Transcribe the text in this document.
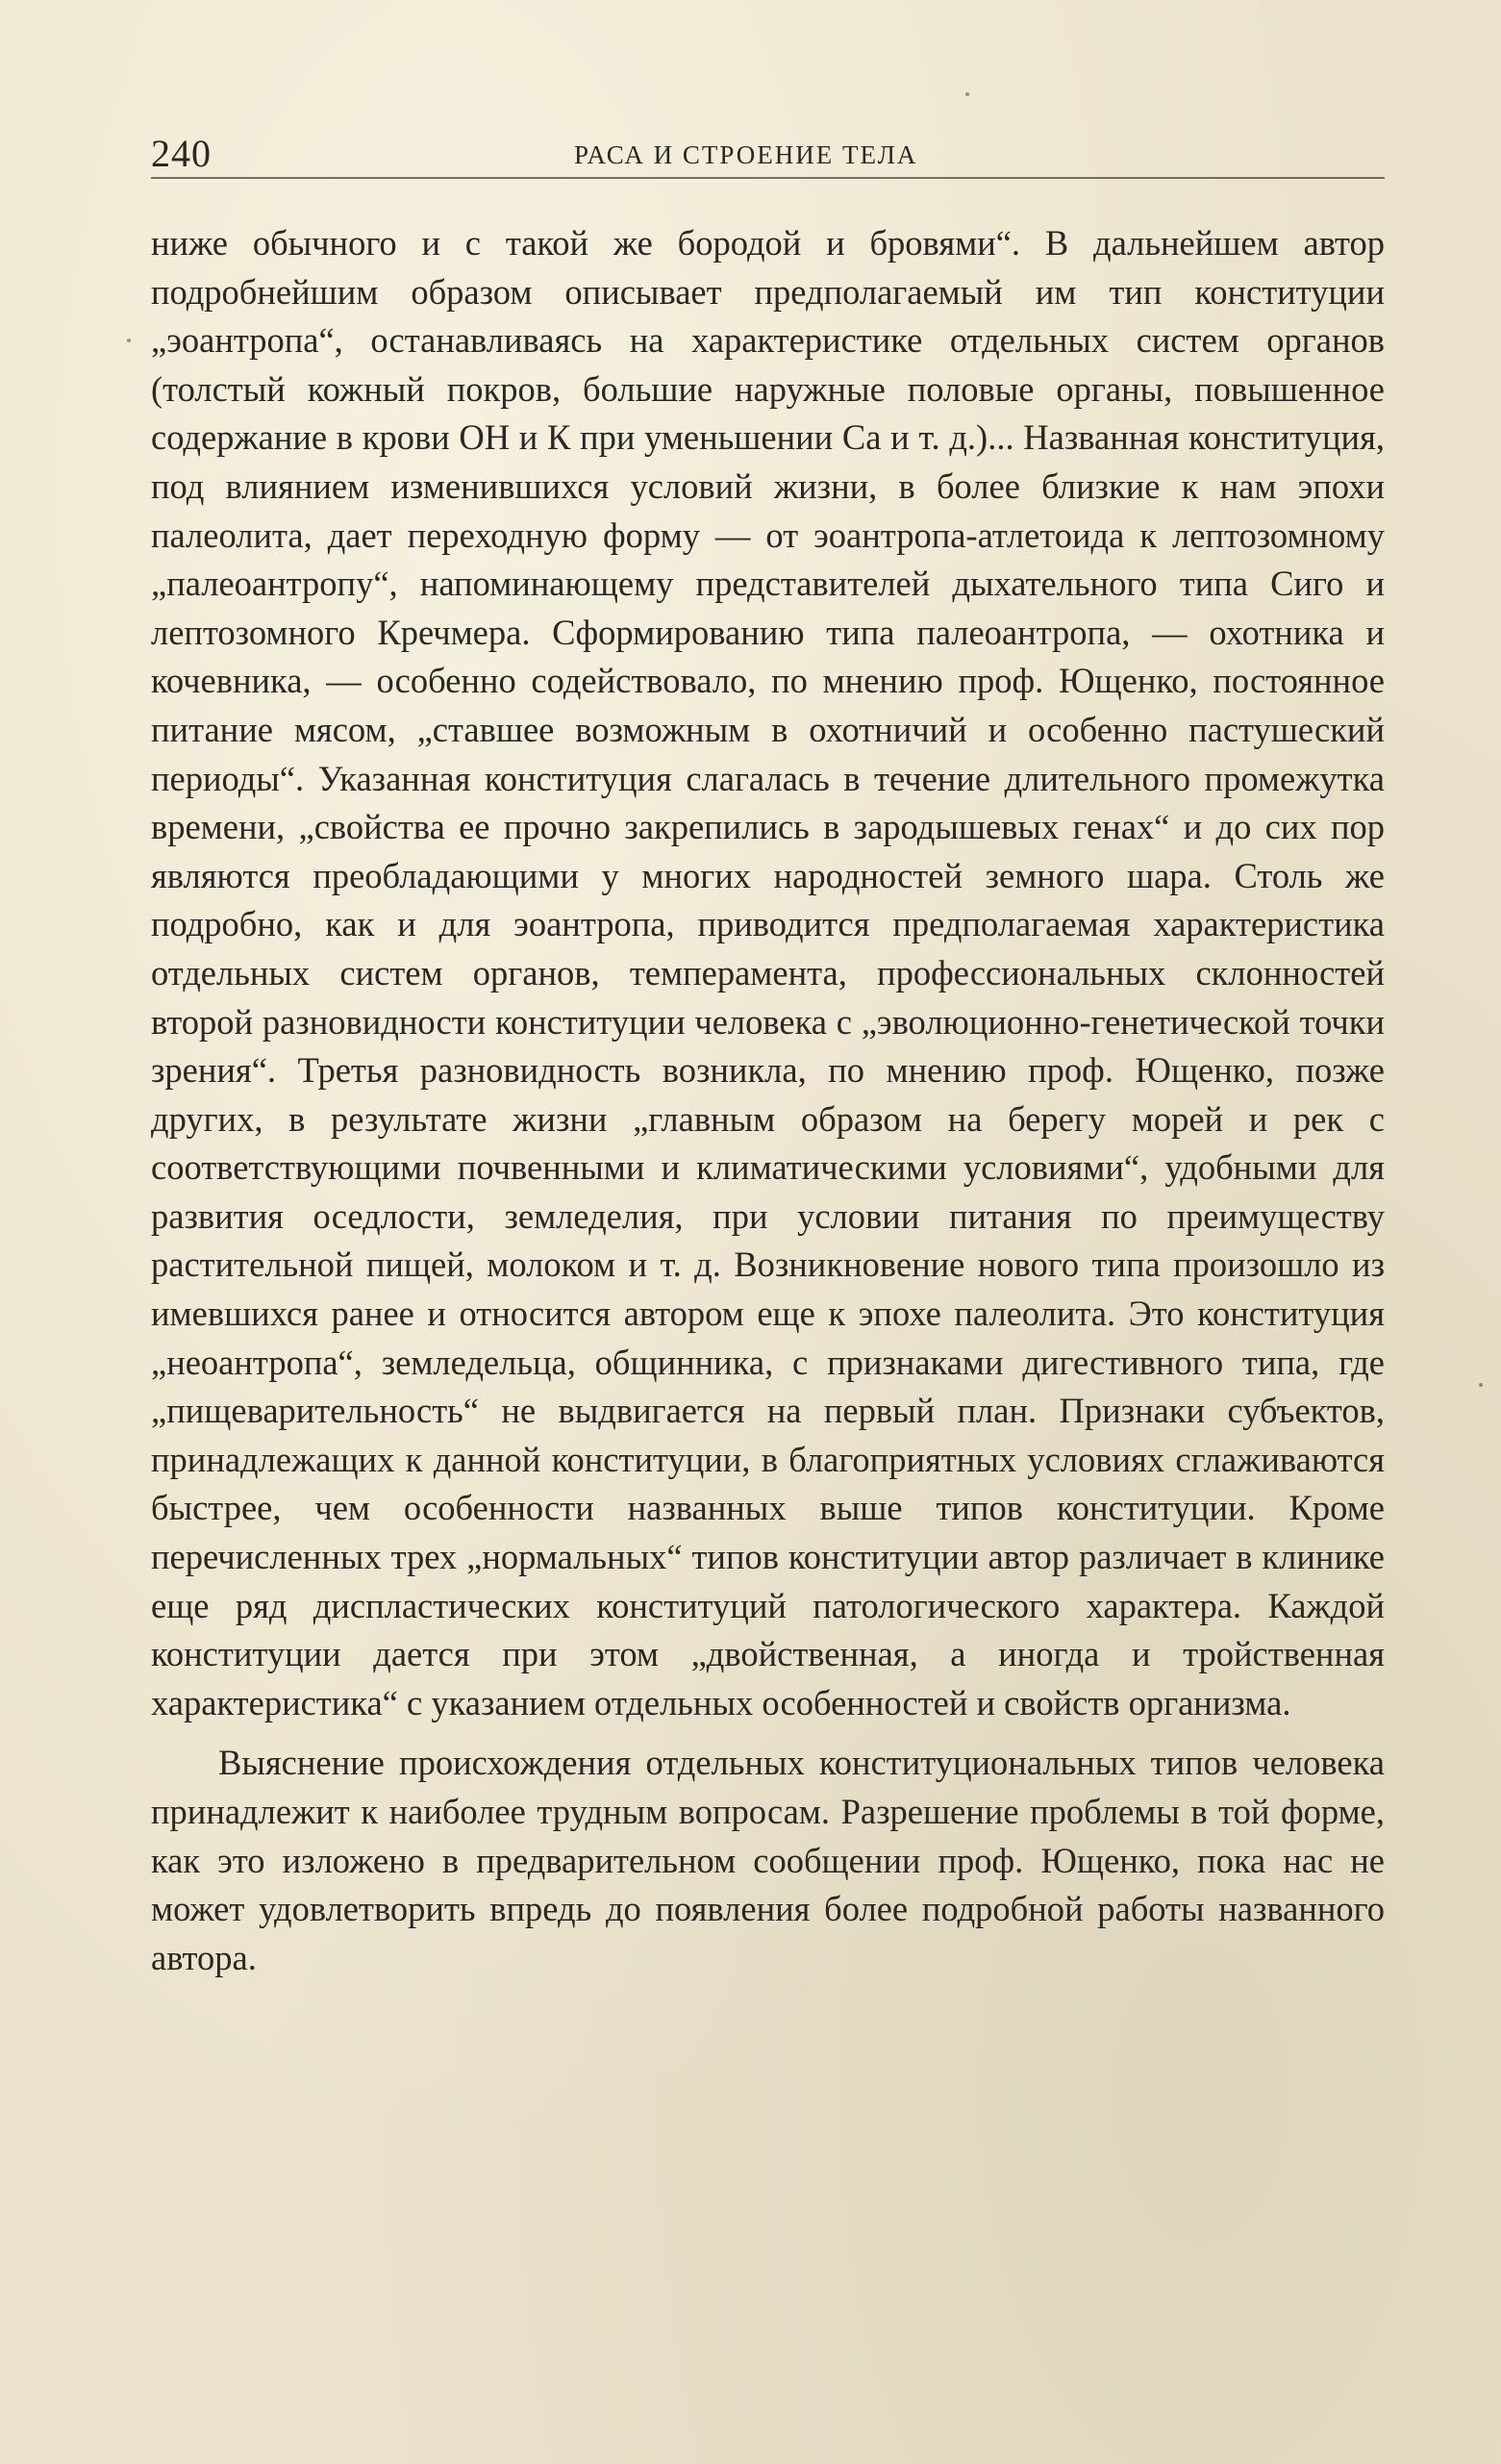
240	РАСА И СТРОЕНИЕ ТЕЛА

ниже обычного и с такой же бородой и бровями“. В дальнейшем автор подробнейшим образом описывает предполагаемый им тип конституции „эоантропа“, останавливаясь на характеристике отдельных систем органов (толстый кожный покров, большие наружные половые органы, повышенное содержание в крови ОН и К при уменьшении Са и т. д.)... Названная конституция, под влиянием изменившихся условий жизни, в более близкие к нам эпохи палеолита, дает переходную форму — от эоантропа-атлетоида к лептозомному „палеоантропу“, напоминающему представителей дыхательного типа Сиго и лептозомного Кречмера. Сформированию типа палеоантропа, — охотника и кочевника, — особенно содействовало, по мнению проф. Ющенко, постоянное питание мясом, „ставшее возможным в охотничий и особенно пастушеский периоды“. Указанная конституция слагалась в течение длительного промежутка времени, „свойства ее прочно закрепились в зародышевых генах“ и до сих пор являются преобладающими у многих народностей земного шара. Столь же подробно, как и для эоантропа, приводится предполагаемая характеристика отдельных систем органов, темперамента, профессиональных склонностей второй разновидности конституции человека с „эволюционно-генетической точки зрения“. Третья разновидность возникла, по мнению проф. Ющенко, позже других, в результате жизни „главным образом на берегу морей и рек с соответствующими почвенными и климатическими условиями“, удобными для развития оседлости, земледелия, при условии питания по преимуществу растительной пищей, молоком и т. д. Возникновение нового типа произошло из имевшихся ранее и относится автором еще к эпохе палеолита. Это конституция „неоантропа“, земледельца, общинника, с признаками дигестивного типа, где „пищеварительность“ не выдвигается на первый план. Признаки субъектов, принадлежащих к данной конституции, в благоприятных условиях сглаживаются быстрее, чем особенности названных выше типов конституции. Кроме перечисленных трех „нормальных“ типов конституции автор различает в клинике еще ряд диспластических конституций патологического характера. Каждой конституции дается при этом „двойственная, а иногда и тройственная характеристика“ с указанием отдельных особенностей и свойств организма.

Выяснение происхождения отдельных конституциональных типов человека принадлежит к наиболее трудным вопросам. Разрешение проблемы в той форме, как это изложено в предварительном сообщении проф. Ющенко, пока нас не может удовлетворить впредь до появления более подробной работы названного автора.
